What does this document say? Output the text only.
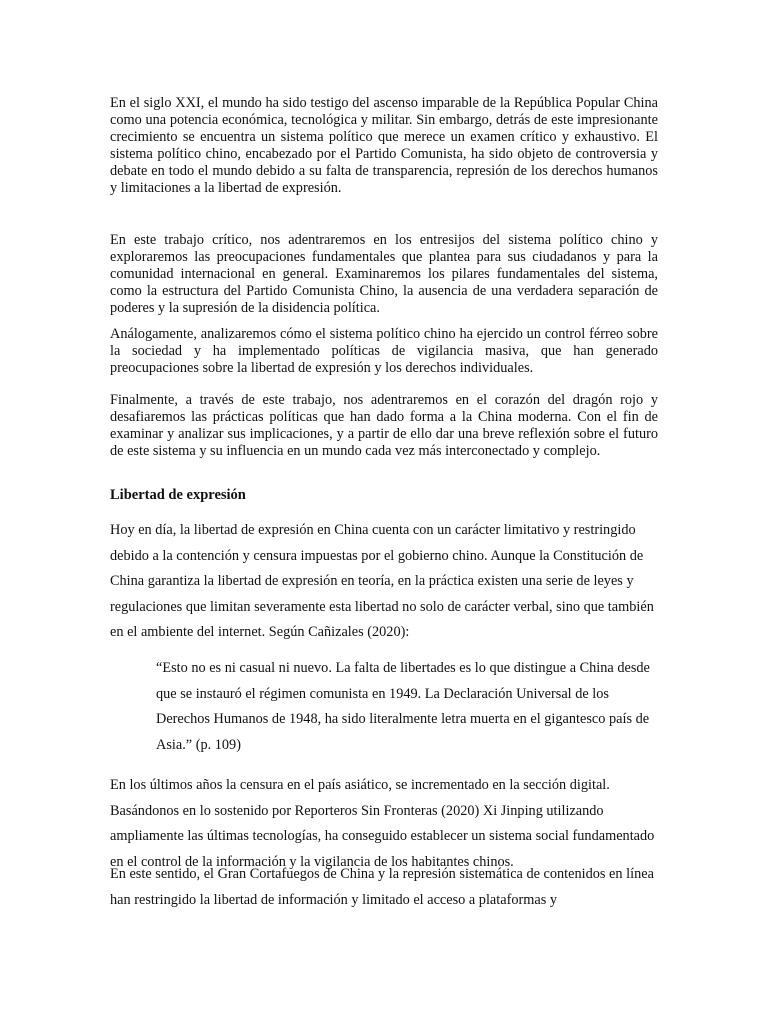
En el siglo XXI, el mundo ha sido testigo del ascenso imparable de la República Popular China como una potencia económica, tecnológica y militar. Sin embargo, detrás de este impresionante crecimiento se encuentra un sistema político que merece un examen crítico y exhaustivo. El sistema político chino, encabezado por el Partido Comunista, ha sido objeto de controversia y debate en todo el mundo debido a su falta de transparencia, represión de los derechos humanos y limitaciones a la libertad de expresión.

En este trabajo crítico, nos adentraremos en los entresijos del sistema político chino y exploraremos las preocupaciones fundamentales que plantea para sus ciudadanos y para la comunidad internacional en general. Examinaremos los pilares fundamentales del sistema, como la estructura del Partido Comunista Chino, la ausencia de una verdadera separación de poderes y la supresión de la disidencia política.

Análogamente, analizaremos cómo el sistema político chino ha ejercido un control férreo sobre la sociedad y ha implementado políticas de vigilancia masiva, que han generado preocupaciones sobre la libertad de expresión y los derechos individuales.

Finalmente, a través de este trabajo, nos adentraremos en el corazón del dragón rojo y desafiaremos las prácticas políticas que han dado forma a la China moderna. Con el fin de examinar y analizar sus implicaciones, y a partir de ello dar una breve reflexión sobre el futuro de este sistema y su influencia en un mundo cada vez más interconectado y complejo.

Libertad de expresión

Hoy en día, la libertad de expresión en China cuenta con un carácter limitativo y restringido debido a la contención y censura impuestas por el gobierno chino. Aunque la Constitución de China garantiza la libertad de expresión en teoría, en la práctica existen una serie de leyes y regulaciones que limitan severamente esta libertad no solo de carácter verbal, sino que también en el ambiente del internet. Según Cañizales (2020):

“Esto no es ni casual ni nuevo. La falta de libertades es lo que distingue a China desde que se instauró el régimen comunista en 1949. La Declaración Universal de los Derechos Humanos de 1948, ha sido literalmente letra muerta en el gigantesco país de Asia.” (p. 109)

En los últimos años la censura en el país asiático, se incrementado en la sección digital. Basándonos en lo sostenido por Reporteros Sin Fronteras (2020) Xi Jinping utilizando ampliamente las últimas tecnologías, ha conseguido establecer un sistema social fundamentado en el control de la información y la vigilancia de los habitantes chinos.

En este sentido, el Gran Cortafuegos de China y la represión sistemática de contenidos en línea han restringido la libertad de información y limitado el acceso a plataformas y
